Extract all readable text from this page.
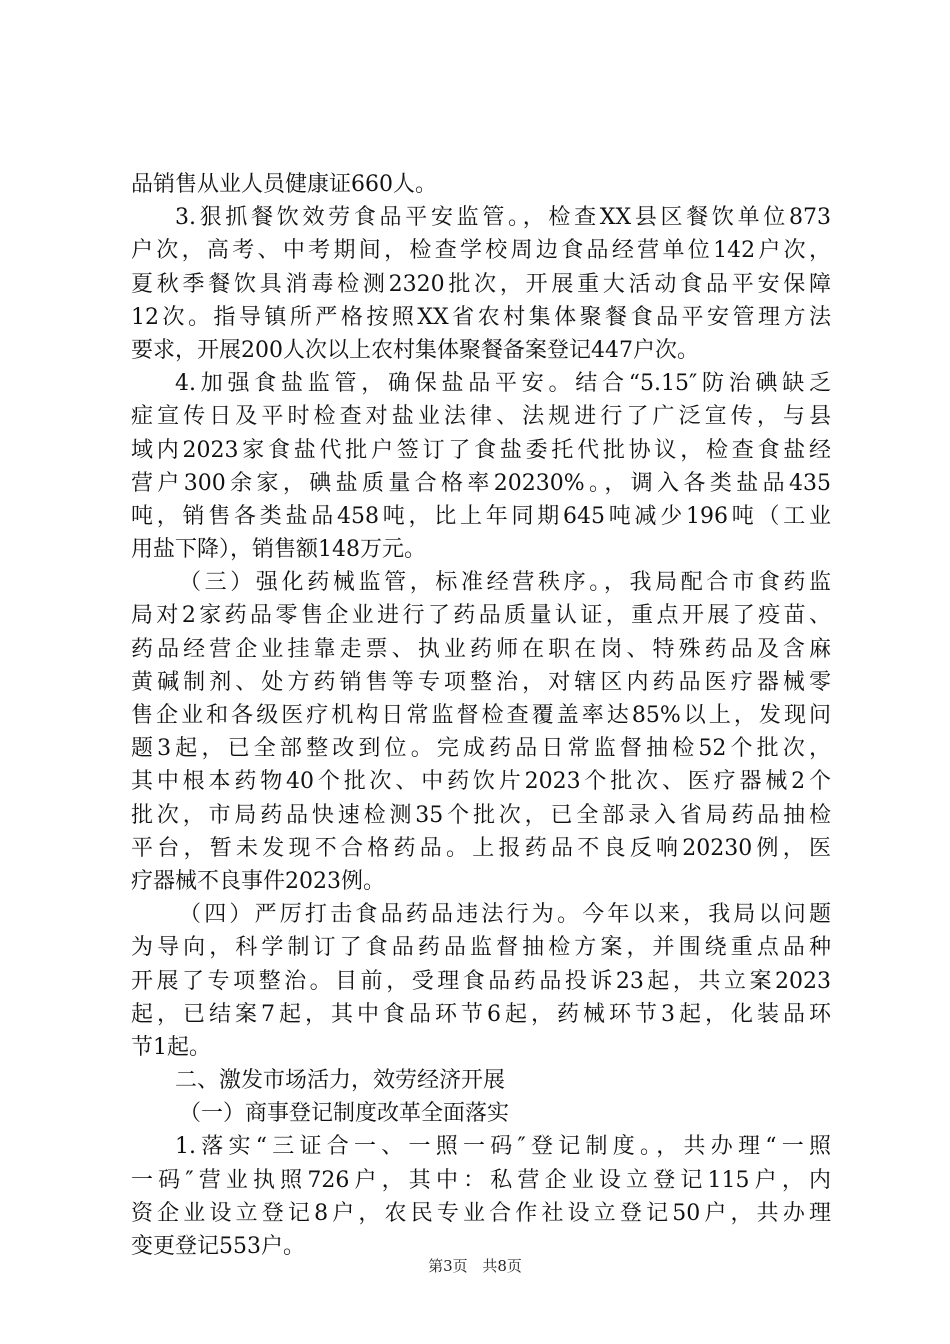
品销售从业人员健康证660人。
3.狠抓餐饮效劳食品平安监管。，检查XX县区餐饮单位873
户次，高考、中考期间，检查学校周边食品经营单位142户次，
夏秋季餐饮具消毒检测2320批次，开展重大活动食品平安保障
12次。指导镇所严格按照XX省农村集体聚餐食品平安管理方法
要求，开展200人次以上农村集体聚餐备案登记447户次。
4.加强食盐监管，确保盐品平安。结合“5.15″防治碘缺乏
症宣传日及平时检查对盐业法律、法规进行了广泛宣传，与县
域内2023家食盐代批户签订了食盐委托代批协议，检查食盐经
营户300余家，碘盐质量合格率20230%。，调入各类盐品435
吨，销售各类盐品458吨，比上年同期645吨减少196吨（工业
用盐下降），销售额148万元。
（三）强化药械监管，标准经营秩序。，我局配合市食药监
局对2家药品零售企业进行了药品质量认证，重点开展了疫苗、
药品经营企业挂靠走票、执业药师在职在岗、特殊药品及含麻
黄碱制剂、处方药销售等专项整治，对辖区内药品医疗器械零
售企业和各级医疗机构日常监督检查覆盖率达85%以上，发现问
题3起，已全部整改到位。完成药品日常监督抽检52个批次，
其中根本药物40个批次、中药饮片2023个批次、医疗器械2个
批次，市局药品快速检测35个批次，已全部录入省局药品抽检
平台，暂未发现不合格药品。上报药品不良反响20230例，医
疗器械不良事件2023例。
（四）严厉打击食品药品违法行为。今年以来，我局以问题
为导向，科学制订了食品药品监督抽检方案，并围绕重点品种
开展了专项整治。目前，受理食品药品投诉23起，共立案2023
起，已结案7起，其中食品环节6起，药械环节3起，化装品环
节1起。
二、激发市场活力，效劳经济开展
（一）商事登记制度改革全面落实
1.落实“三证合一、一照一码″登记制度。，共办理“一照
一码″营业执照726户，其中：私营企业设立登记115户，内
资企业设立登记8户，农民专业合作社设立登记50户，共办理
变更登记553户。
第3页 共8页
